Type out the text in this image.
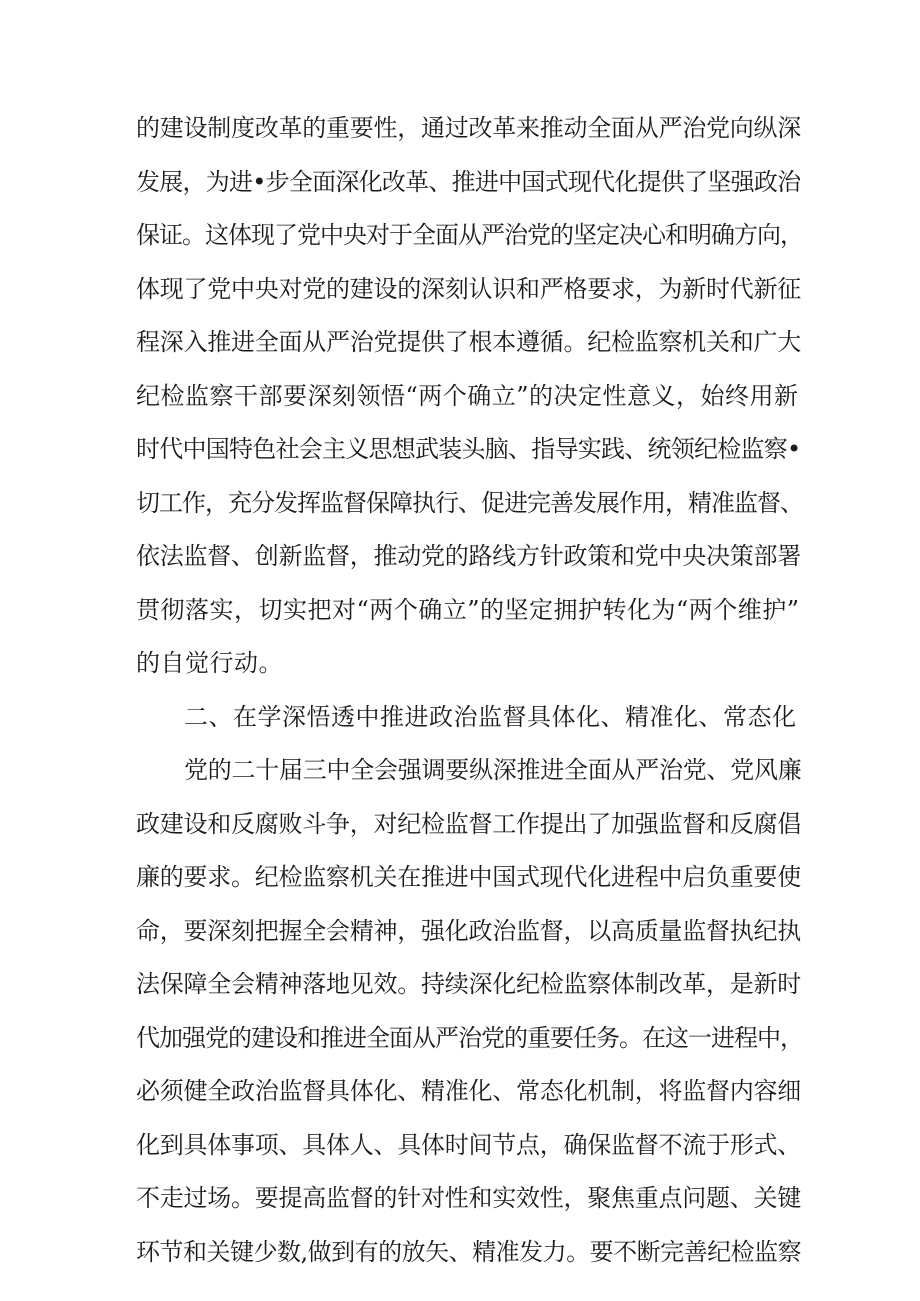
的建设制度改革的重要性，通过改革来推动全面从严治党向纵深
发展，为进•步全面深化改革、推进中国式现代化提供了坚强政治
保证。这体现了党中央对于全面从严治党的坚定决心和明确方向，
体现了党中央对党的建设的深刻认识和严格要求，为新时代新征
程深入推进全面从严治党提供了根本遵循。纪检监察机关和广大
纪检监察干部要深刻领悟“两个确立”的决定性意义，始终用新
时代中国特色社会主义思想武装头脑、指导实践、统领纪检监察•
切工作，充分发挥监督保障执行、促进完善发展作用，精准监督、
依法监督、创新监督，推动党的路线方针政策和党中央决策部署
贯彻落实，切实把对“两个确立”的坚定拥护转化为“两个维护”
的自觉行动。
二、在学深悟透中推进政治监督具体化、精准化、常态化
党的二十届三中全会强调要纵深推进全面从严治党、党风廉
政建设和反腐败斗争，对纪检监督工作提出了加强监督和反腐倡
廉的要求。纪检监察机关在推进中国式现代化进程中启负重要使
命，要深刻把握全会精神，强化政治监督，以高质量监督执纪执
法保障全会精神落地见效。持续深化纪检监察体制改革，是新时
代加强党的建设和推进全面从严治党的重要任务。在这一进程中，
必须健全政治监督具体化、精准化、常态化机制，将监督内容细
化到具体事项、具体人、具体时间节点，确保监督不流于形式、
不走过场。要提高监督的针对性和实效性，聚焦重点问题、关键
环节和关键少数,做到有的放矢、精准发力。要不断完善纪检监察
